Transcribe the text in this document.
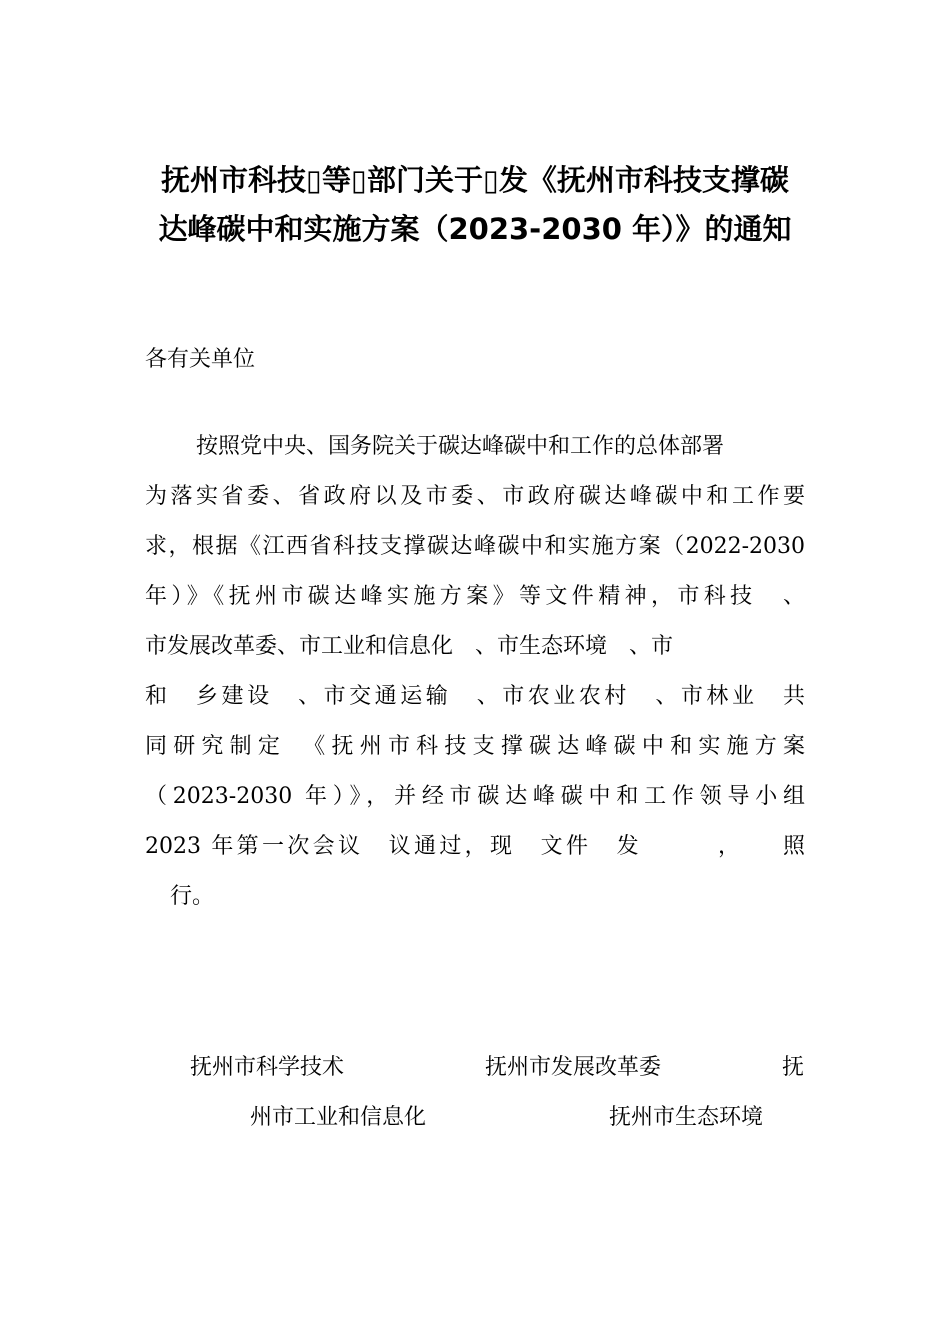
抚州市科技▯等▯部门关于▯发《抚州市科技支撑碳
达峰碳中和实施方案（2023-2030 年）》的通知
各有关单位
按照党中央、国务院关于碳达峰碳中和工作的总体部署
为落实省委、省政府以及市委、市政府碳达峰碳中和工作要
求，根据《江西省科技支撑碳达峰碳中和实施方案（2022-2030
年）》《抚州市碳达峰实施方案》等文件精神，市科技　、
市发展改革委、市工业和信息化　、市生态环境　、市
和　乡建设　、市交通运输　、市农业农村　、市林业　共
同研究制定　《抚州市科技支撑碳达峰碳中和实施方案
（2023-2030 年）》，并经市碳达峰碳中和工作领导小组
2023 年第一次会议　议通过，现　文件　发　　　，　　照
行。
抚州市科学技术	抚州市发展改革委	抚
州市工业和信息化	抚州市生态环境
